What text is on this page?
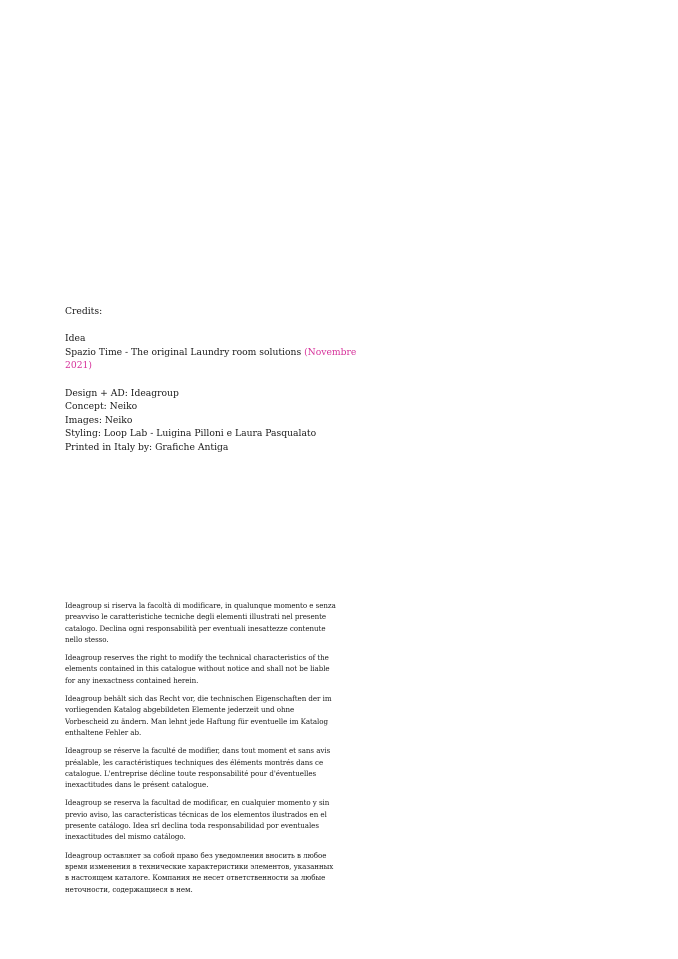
Credits:

Idea

Spazio Time - The original Laundry room solutions (Novembre 2021)

Design + AD: Ideagroup

Concept: Neiko

Images: Neiko

Styling: Loop Lab - Luigina Pilloni e Laura Pasqualato

Printed in Italy by: Grafiche Antiga

Ideagroup si riserva la facoltà di modificare, in qualunque momento e senza preavviso le caratteristiche tecniche degli elementi illustrati nel presente catalogo. Declina ogni responsabilità per eventuali inesattezze contenute nello stesso.

Ideagroup reserves the right to modify the technical characteristics of the elements contained in this catalogue without notice and shall not be liable for any inexactness contained herein.

Ideagroup behält sich das Recht vor, die technischen Eigenschaften der im vorliegenden Katalog abgebildeten Elemente jederzeit und ohne Vorbescheid zu ändern. Man lehnt jede Haftung für eventuelle im Katalog enthaltene Fehler ab.

Ideagroup se réserve la faculté de modifier, dans tout moment et sans avis préalable, les caractéristiques techniques des éléments montrés dans ce catalogue. L'entreprise décline toute responsabilité pour d'éventuelles inexactitudes dans le présent catalogue.

Ideagroup se reserva la facultad de modificar, en cualquier momento y sin previo aviso, las características técnicas de los elementos ilustrados en el presente catálogo. Idea srl declina toda responsabilidad por eventuales inexactitudes del mismo catálogo.

Ideagroup оставляет за собой право без уведомления вносить в любое время изменения в технические характеристики элементов, указанных в настоящем каталоге. Компания не несет ответственности за любые неточности, содержащиеся в нем.
